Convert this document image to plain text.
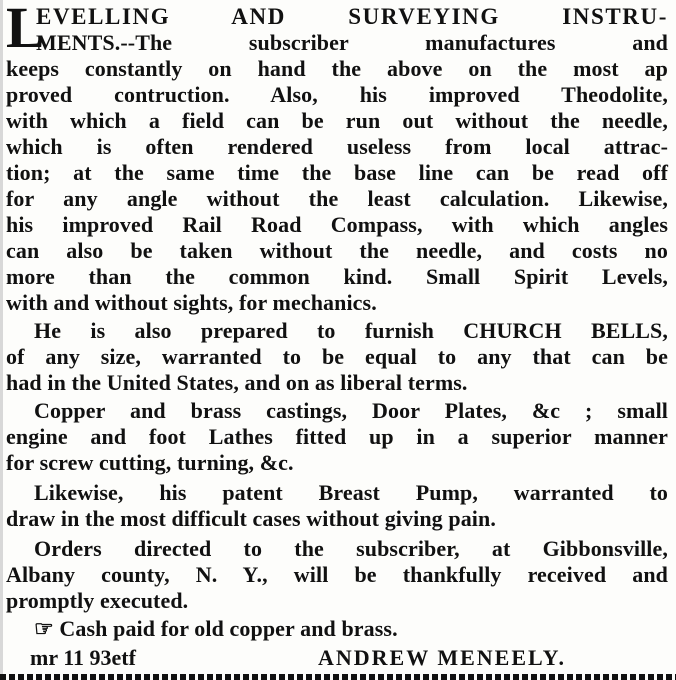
L
EVELLING AND SURVEYING INSTRU-
MENTS.--The subscriber manufactures and
keeps constantly on hand the above on the most ap
proved contruction. Also, his improved Theodolite,
with which a field can be run out without the needle,
which is often rendered useless from local attrac-
tion; at the same time the base line can be read off
for any angle without the least calculation. Likewise,
his improved Rail Road Compass, with which angles
can also be taken without the needle, and costs no
more than the common kind. Small Spirit Levels,
with and without sights, for mechanics.
He is also prepared to furnish CHURCH BELLS,
of any size, warranted to be equal to any that can be
had in the United States, and on as liberal terms.
Copper and brass castings, Door Plates, &c ; small
engine and foot Lathes fitted up in a superior manner
for screw cutting, turning, &c.
Likewise, his patent Breast Pump, warranted to
draw in the most difficult cases without giving pain.
Orders directed to the subscriber, at Gibbonsville,
Albany county, N. Y., will be thankfully received and
promptly executed.
☞ Cash paid for old copper and brass.
mr 11 93etf	ANDREW MENEELY.
